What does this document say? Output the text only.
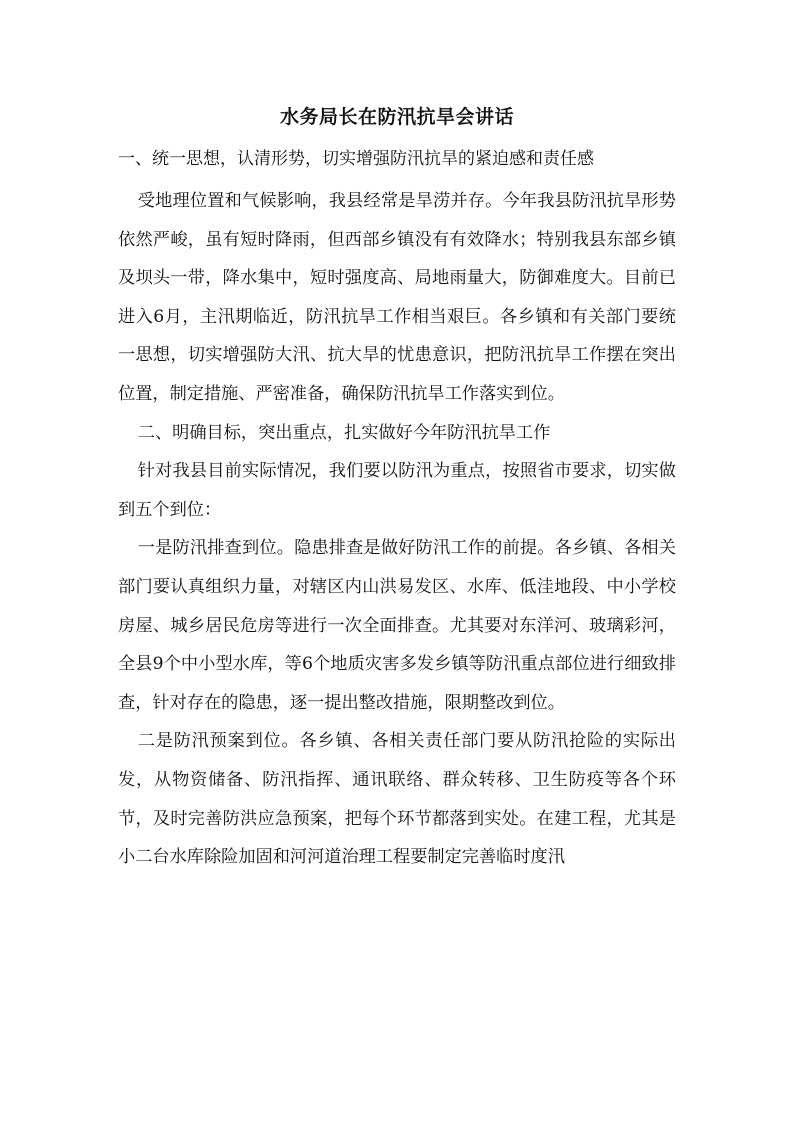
水务局长在防汛抗旱会讲话
一、统一思想，认清形势，切实增强防汛抗旱的紧迫感和责任感

受地理位置和气候影响，我县经常是旱涝并存。今年我县防汛抗旱形势依然严峻，虽有短时降雨，但西部乡镇没有有效降水；特别我县东部乡镇及坝头一带，降水集中，短时强度高、局地雨量大，防御难度大。目前已进入6月，主汛期临近，防汛抗旱工作相当艰巨。各乡镇和有关部门要统一思想，切实增强防大汛、抗大旱的忧患意识，把防汛抗旱工作摆在突出位置，制定措施、严密准备，确保防汛抗旱工作落实到位。

二、明确目标，突出重点，扎实做好今年防汛抗旱工作

针对我县目前实际情况，我们要以防汛为重点，按照省市要求，切实做到五个到位：

一是防汛排查到位。隐患排查是做好防汛工作的前提。各乡镇、各相关部门要认真组织力量，对辖区内山洪易发区、水库、低洼地段、中小学校房屋、城乡居民危房等进行一次全面排查。尤其要对东洋河、玻璃彩河，全县9个中小型水库，等6个地质灾害多发乡镇等防汛重点部位进行细致排查，针对存在的隐患，逐一提出整改措施，限期整改到位。

二是防汛预案到位。各乡镇、各相关责任部门要从防汛抢险的实际出发，从物资储备、防汛指挥、通讯联络、群众转移、卫生防疫等各个环节，及时完善防洪应急预案，把每个环节都落到实处。在建工程，尤其是小二台水库除险加固和河河道治理工程要制定完善临时度汛
